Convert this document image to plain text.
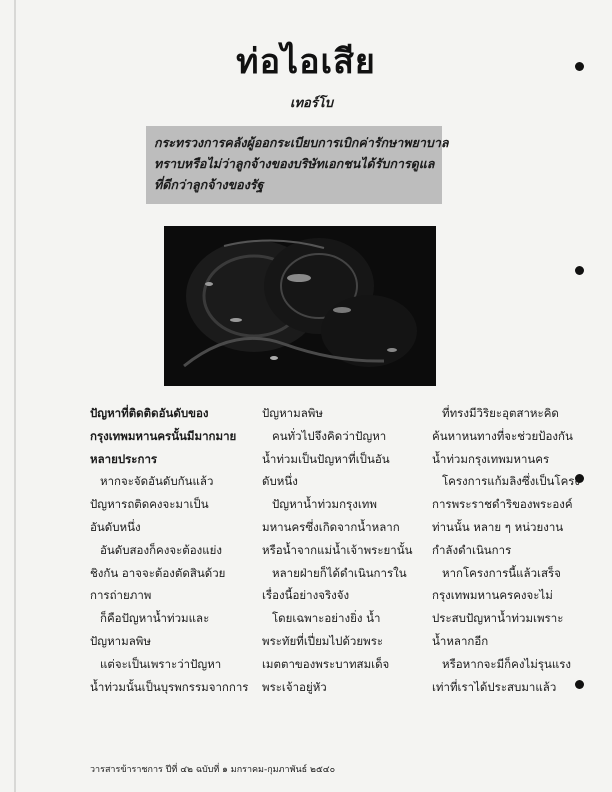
ท่อไอเสีย

เทอร์โบ

กระทรวงการคลังผู้ออกระเบียบการเบิกค่ารักษาพยาบาล
ทราบหรือไม่ว่าลูกจ้างของบริษัทเอกชนได้รับการดูแล
ที่ดีกว่าลูกจ้างของรัฐ

ปัญหาที่ติดติดอันดับของ

กรุงเทพมหานครนั้นมีมากมาย

หลายประการ

หากจะจัดอันดับกันแล้ว

ปัญหารถติดคงจะมาเป็น

อันดับหนึ่ง

อันดับสองก็คงจะต้องแย่ง

ชิงกัน อาจจะต้องตัดสินด้วย

การถ่ายภาพ

ก็คือปัญหาน้ำท่วมและ

ปัญหามลพิษ

แต่จะเป็นเพราะว่าปัญหา

น้ำท่วมนั้นเป็นบุรพกรรมจากการ

ปัญหามลพิษ

คนทั่วไปจึงคิดว่าปัญหา

น้ำท่วมเป็นปัญหาที่เป็นอัน

ดับหนึ่ง

ปัญหาน้ำท่วมกรุงเทพ

มหานครซึ่งเกิดจากน้ำหลาก

หรือน้ำจากแม่น้ำเจ้าพระยานั้น

หลายฝ่ายก็ได้ดำเนินการใน

เรื่องนี้อย่างจริงจัง

โดยเฉพาะอย่างยิ่ง น้ำ

พระทัยที่เปี่ยมไปด้วยพระ

เมตตาของพระบาทสมเด็จ

พระเจ้าอยู่หัว

ที่ทรงมีวิริยะอุตสาหะคิด

ค้นหาหนทางที่จะช่วยป้องกัน

น้ำท่วมกรุงเทพมหานคร

โครงการแก้มลิงซึ่งเป็นโครง

การพระราชดำริของพระองค์

ท่านนั้น หลาย ๆ หน่วยงาน

กำลังดำเนินการ

หากโครงการนี้แล้วเสร็จ

กรุงเทพมหานครคงจะไม่

ประสบปัญหาน้ำท่วมเพราะ

น้ำหลากอีก

หรือหากจะมีก็คงไม่รุนแรง

เท่าที่เราได้ประสบมาแล้ว

วารสารข้าราชการ ปีที่ ๔๒ ฉบับที่ ๑ มกราคม-กุมภาพันธ์ ๒๕๔๐
